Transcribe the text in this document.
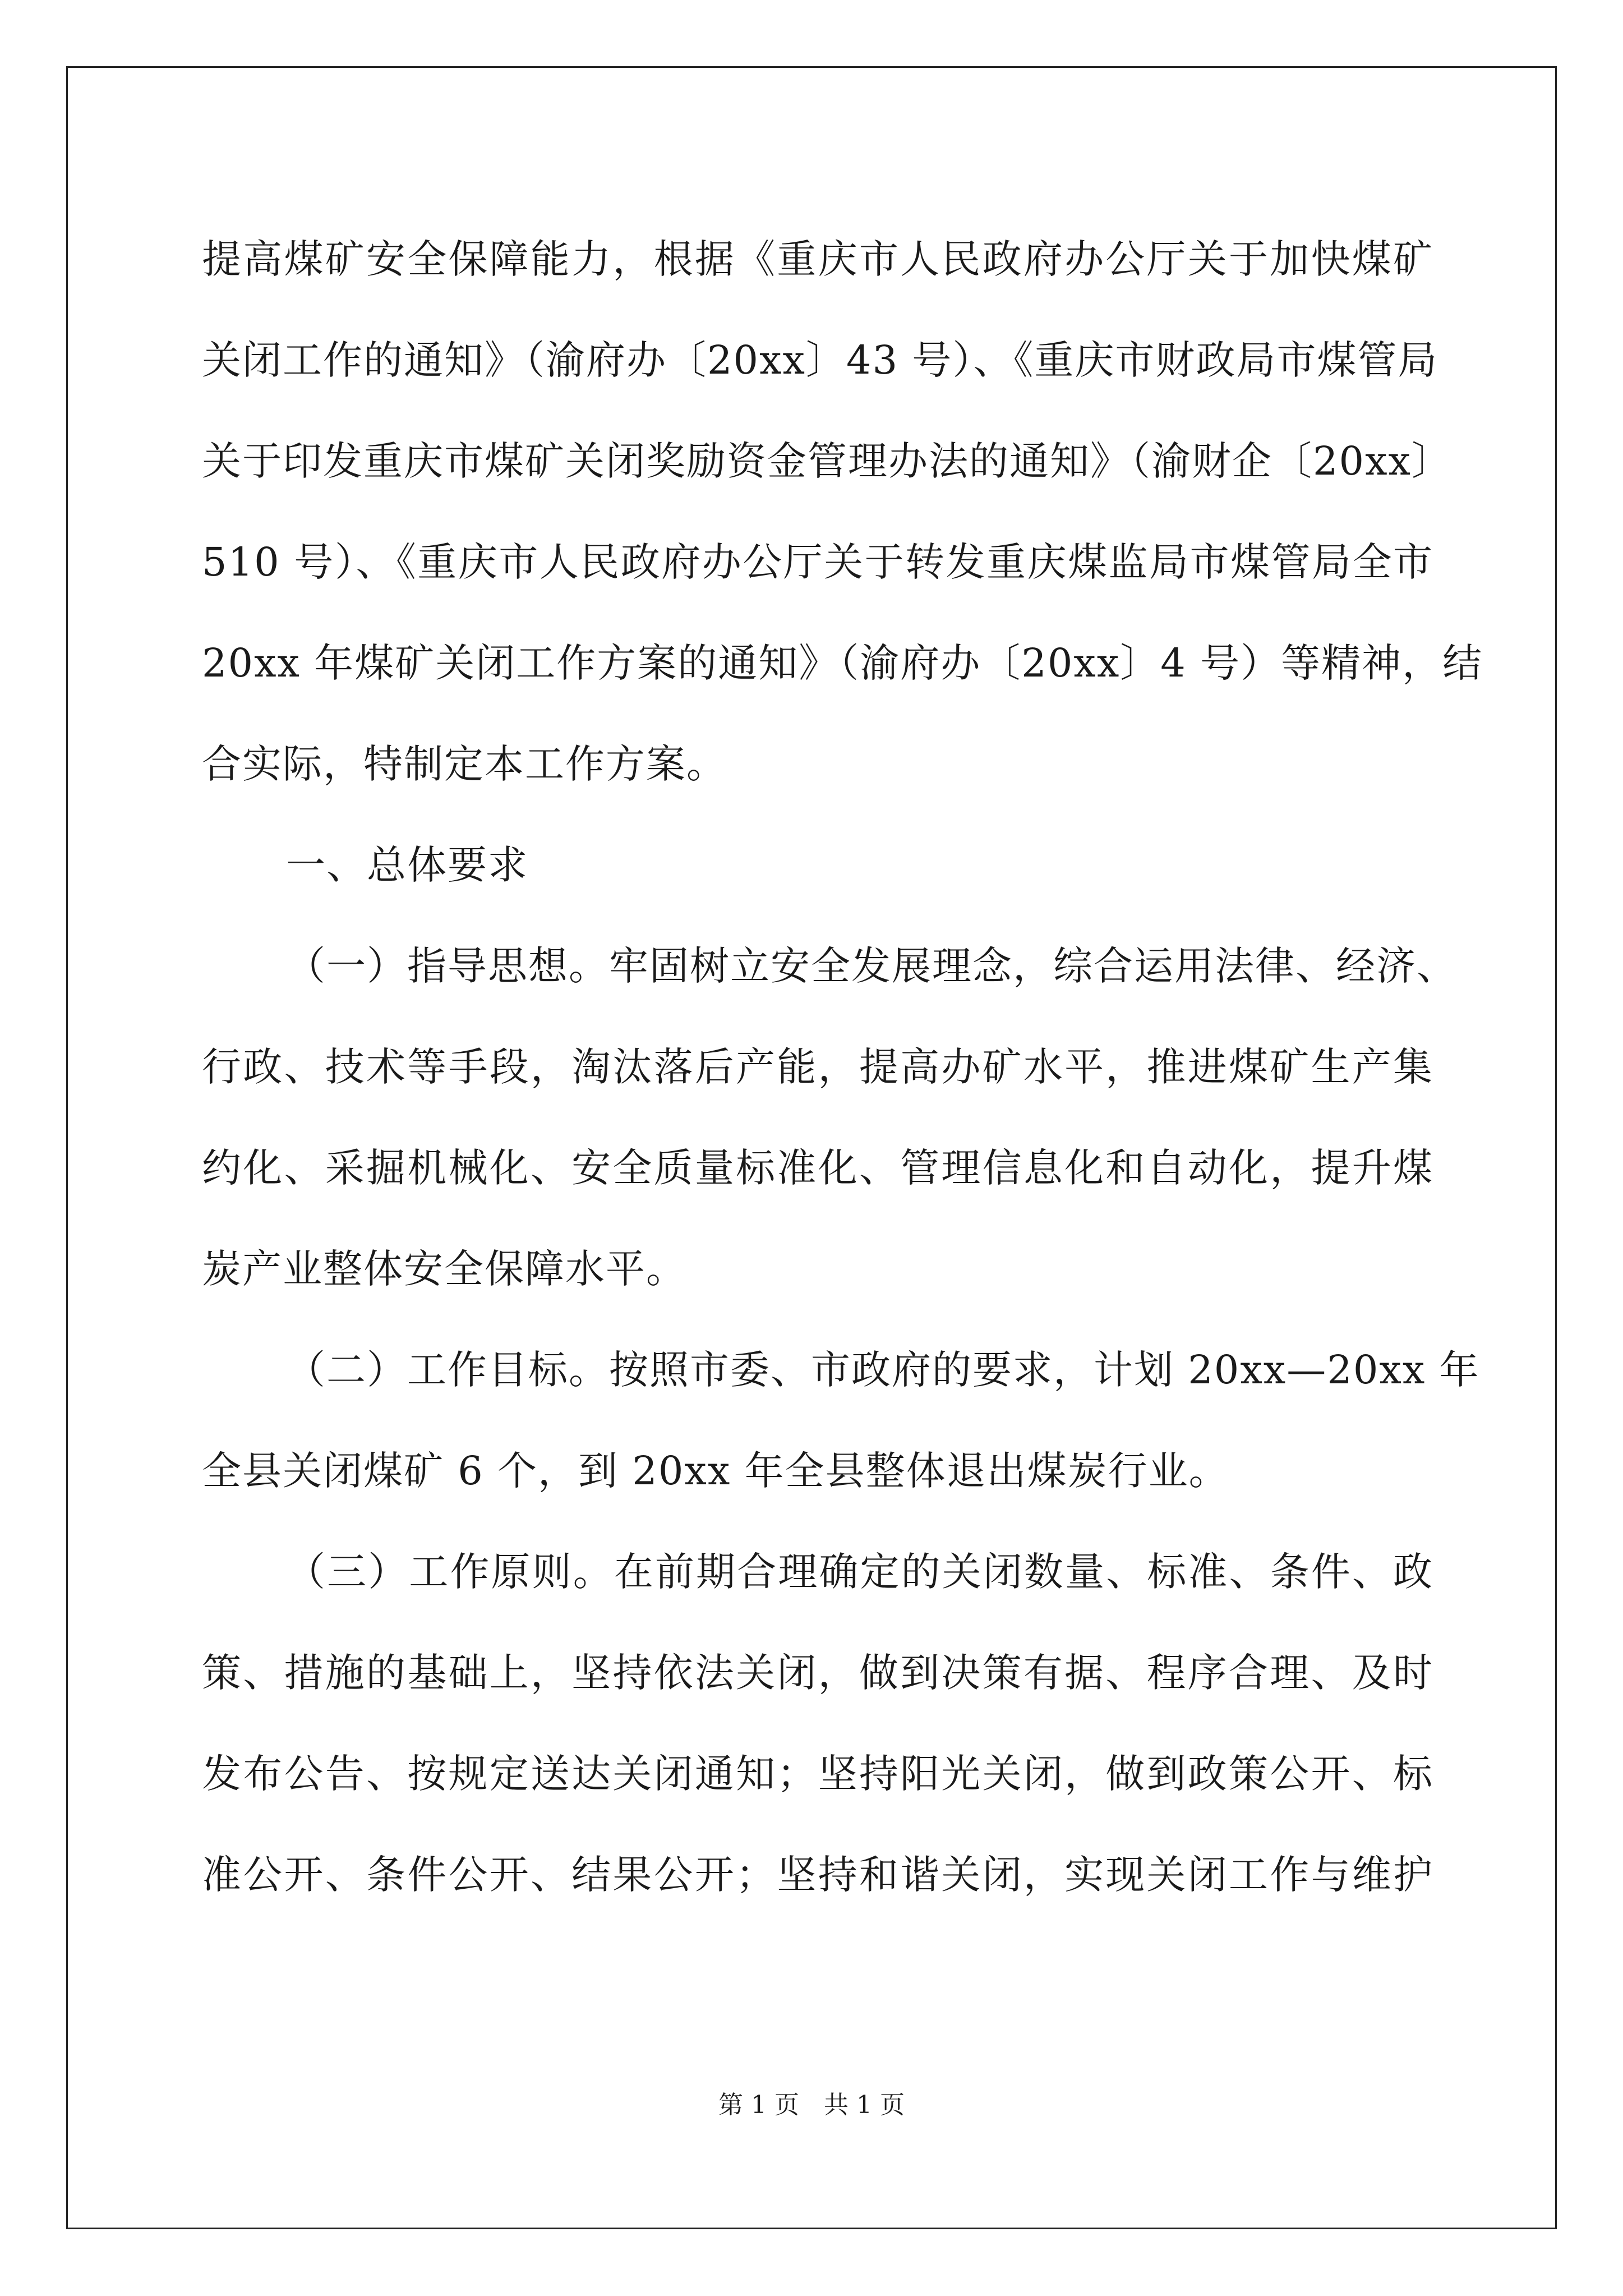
提高煤矿安全保障能力，根据《重庆市人民政府办公厅关于加快煤矿
关闭工作的通知》（渝府办〔20xx〕43 号）、《重庆市财政局市煤管局
关于印发重庆市煤矿关闭奖励资金管理办法的通知》（渝财企〔20xx〕
510 号）、《重庆市人民政府办公厅关于转发重庆煤监局市煤管局全市
20xx 年煤矿关闭工作方案的通知》（渝府办〔20xx〕4 号）等精神，结
合实际，特制定本工作方案。
一、总体要求
（一）指导思想。牢固树立安全发展理念，综合运用法律、经济、
行政、技术等手段，淘汰落后产能，提高办矿水平，推进煤矿生产集
约化、采掘机械化、安全质量标准化、管理信息化和自动化，提升煤
炭产业整体安全保障水平。
（二）工作目标。按照市委、市政府的要求，计划 20xx—20xx 年
全县关闭煤矿 6 个，到 20xx 年全县整体退出煤炭行业。
（三）工作原则。在前期合理确定的关闭数量、标准、条件、政
策、措施的基础上，坚持依法关闭，做到决策有据、程序合理、及时
发布公告、按规定送达关闭通知；坚持阳光关闭，做到政策公开、标
准公开、条件公开、结果公开；坚持和谐关闭，实现关闭工作与维护
第 1 页 共 1 页
